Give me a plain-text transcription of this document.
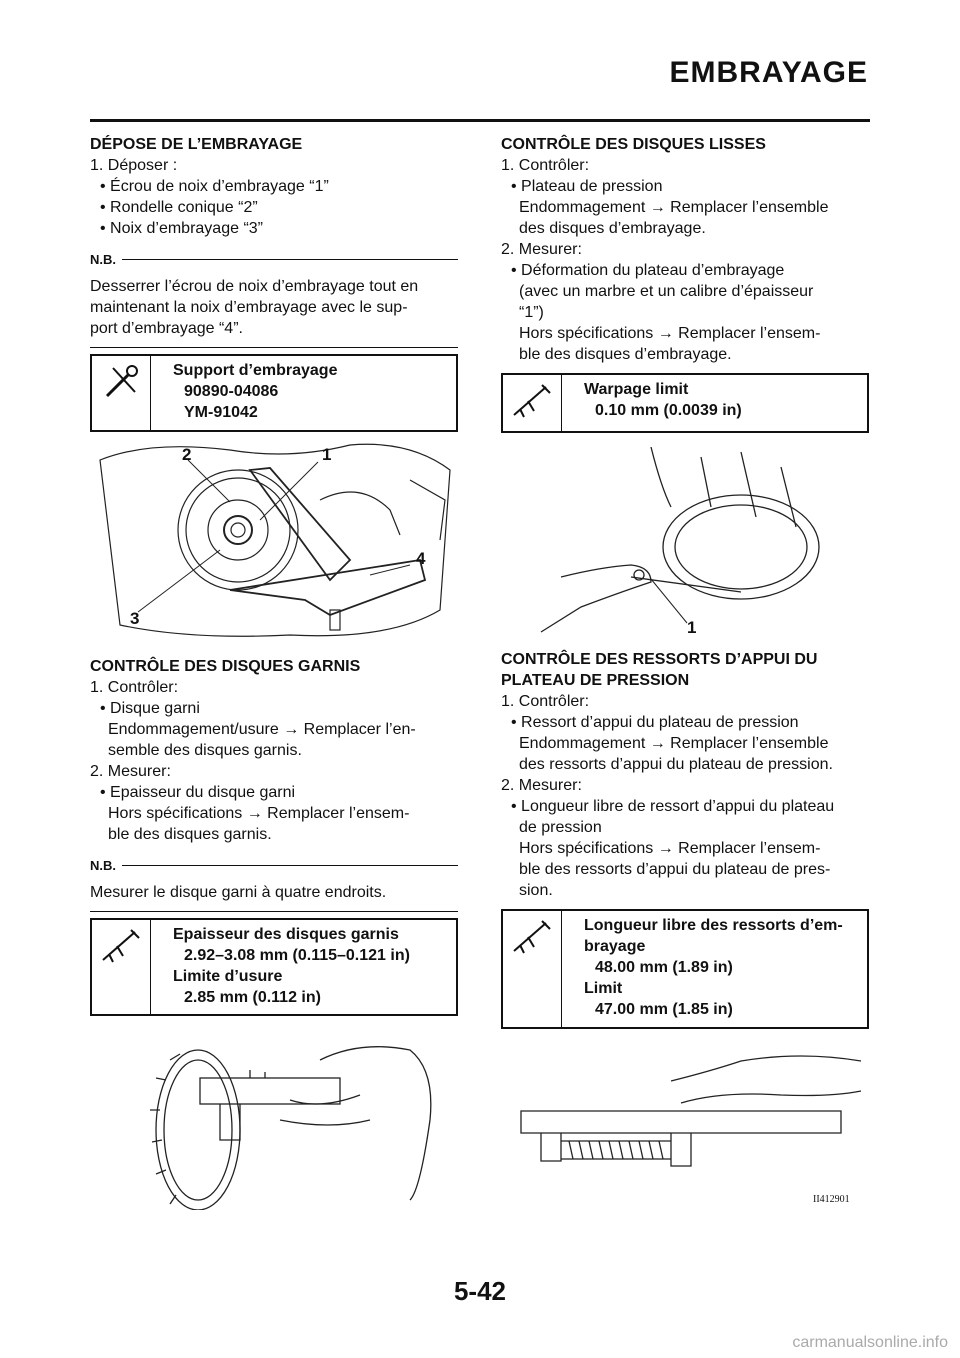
EMBRAYAGE
DÉPOSE DE L’EMBRAYAGE
1. Déposer :
• Écrou de noix d’embrayage “1”
• Rondelle conique “2”
• Noix d’embrayage “3”
N.B.
Desserrer l’écrou de noix d’embrayage tout en
maintenant la noix d’embrayage avec le sup-
port d’embrayage “4”.
Support d’embrayage
90890-04086
YM-91042
2	1
4
3
CONTRÔLE DES DISQUES GARNIS
1. Contrôler:
• Disque garni
Endommagement/usure → Remplacer l’en-
semble des disques garnis.
2. Mesurer:
• Epaisseur du disque garni
Hors spécifications → Remplacer l’ensem-
ble des disques garnis.
N.B.
Mesurer le disque garni à quatre endroits.
Epaisseur des disques garnis
2.92–3.08 mm (0.115–0.121 in)
Limite d’usure
2.85 mm (0.112 in)
CONTRÔLE DES DISQUES LISSES
1. Contrôler:
• Plateau de pression
Endommagement → Remplacer l’ensemble
des disques d’embrayage.
2. Mesurer:
• Déformation du plateau d’embrayage
(avec un marbre et un calibre d’épaisseur
“1”)
Hors spécifications → Remplacer l’ensem-
ble des disques d’embrayage.
Warpage limit
0.10 mm (0.0039 in)
1
CONTRÔLE DES RESSORTS D’APPUI DU
PLATEAU DE PRESSION
1. Contrôler:
• Ressort d’appui du plateau de pression
Endommagement → Remplacer l’ensemble
des ressorts d’appui du plateau de pression.
2. Mesurer:
• Longueur libre de ressort d’appui du plateau
de pression
Hors spécifications → Remplacer l’ensem-
ble des ressorts d’appui du plateau de pres-
sion.
Longueur libre des ressorts d’em-
brayage
48.00 mm (1.89 in)
Limit
47.00 mm (1.85 in)
II412901
5-42
carmanualsonline.info
